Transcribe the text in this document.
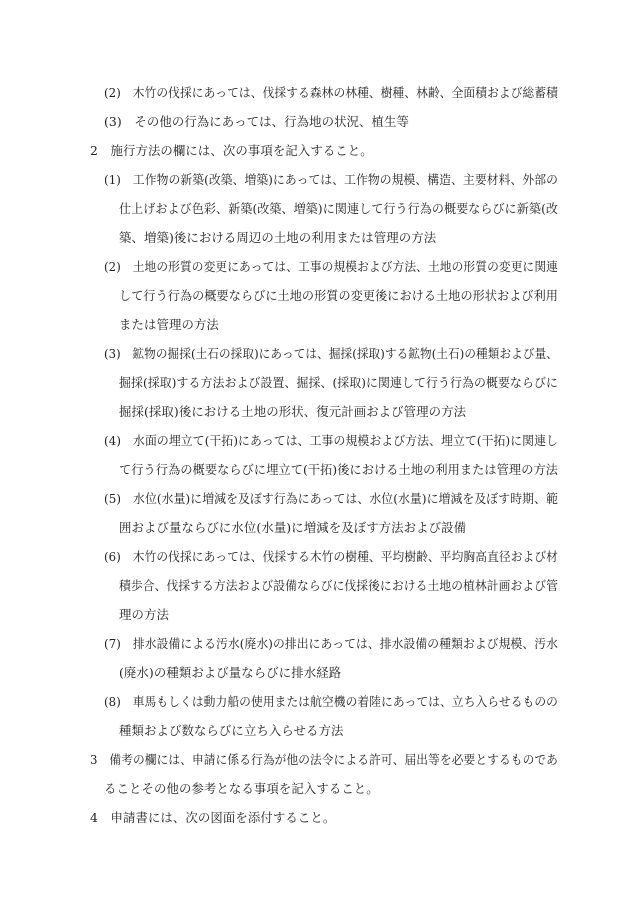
(2)　木竹の伐採にあっては、伐採する森林の林種、樹種、林齢、全面積および総蓄積
(3)　その他の行為にあっては、行為地の状況、植生等
2　施行方法の欄には、次の事項を記入すること。
(1)　工作物の新築(改築、増築)にあっては、工作物の規模、構造、主要材料、外部の
仕上げおよび色彩、新築(改築、増築)に関連して行う行為の概要ならびに新築(改
築、増築)後における周辺の土地の利用または管理の方法
(2)　土地の形質の変更にあっては、工事の規模および方法、土地の形質の変更に関連
して行う行為の概要ならびに土地の形質の変更後における土地の形状および利用
または管理の方法
(3)　鉱物の掘採(土石の採取)にあっては、掘採(採取)する鉱物(土石)の種類および量、
掘採(採取)する方法および設置、掘採、(採取)に関連して行う行為の概要ならびに
掘採(採取)後における土地の形状、復元計画および管理の方法
(4)　水面の埋立て(干拓)にあっては、工事の規模および方法、埋立て(干拓)に関連し
て行う行為の概要ならびに埋立て(干拓)後における土地の利用または管理の方法
(5)　水位(水量)に増減を及ぼす行為にあっては、水位(水量)に増減を及ぼす時期、範
囲および量ならびに水位(水量)に増減を及ぼす方法および設備
(6)　木竹の伐採にあっては、伐採する木竹の樹種、平均樹齢、平均胸高直径および材
積歩合、伐採する方法および設備ならびに伐採後における土地の植林計画および管
理の方法
(7)　排水設備による汚水(廃水)の排出にあっては、排水設備の種類および規模、汚水
(廃水)の種類および量ならびに排水経路
(8)　車馬もしくは動力船の使用または航空機の着陸にあっては、立ち入らせるものの
種類および数ならびに立ち入らせる方法
3　備考の欄には、申請に係る行為が他の法令による許可、届出等を必要とするものであ
ることその他の参考となる事項を記入すること。
4　申請書には、次の図面を添付すること。
